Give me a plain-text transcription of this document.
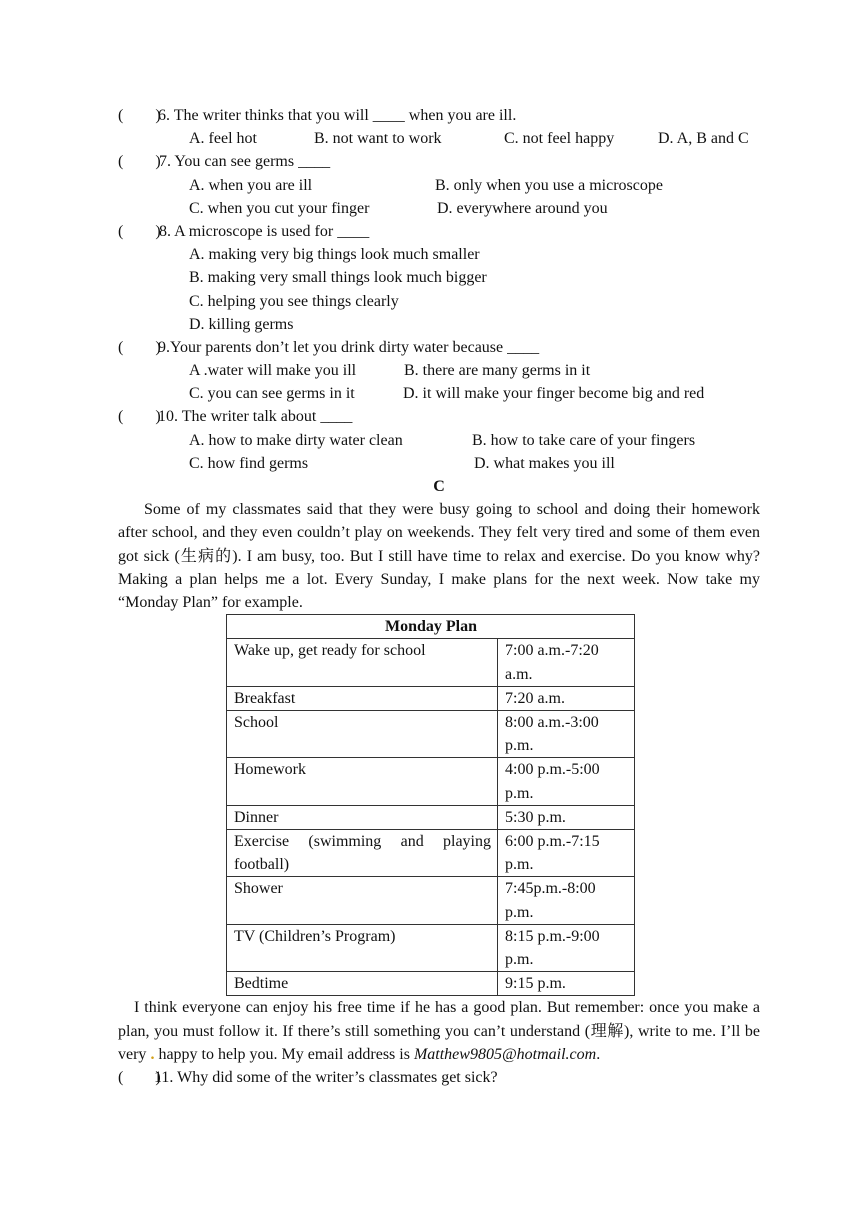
(　　)
6. The writer thinks that you will ____ when you are ill.
A. feel hot	B. not want to work	C. not feel happy	D. A, B and C
(　　)
7. You can see germs ____
A. when you are ill	B. only when you use a microscope
C. when you cut your finger	D. everywhere around you
(　　)
8. A microscope is used for ____
A. making very big things look much smaller
B. making very small things look much bigger
C. helping you see things clearly
D. killing germs
(　　)
9.Your parents don’t let you drink dirty water because ____
A .water will make you ill	B. there are many germs in it
C. you can see germs in it	D. it will make your finger become big and red
(　　)
10. The writer talk about ____
A. how to make dirty water clean	B. how to take care of your fingers
C. how find germs	D. what makes you ill
C

Some of my classmates said that they were busy going to school and doing their homework after school, and they even couldn’t play on weekends. They felt very tired and some of them even got sick (生病的). I am busy, too. But I still have time to relax and exercise. Do you know why? Making a plan helps me a lot. Every Sunday, I make plans for the next week. Now take my “Monday Plan” for example.

Monday Plan	
Wake up, get ready for school	7:00 a.m.-7:20 a.m.
Breakfast	7:20 a.m.
School	8:00 a.m.-3:00 p.m.
Homework	4:00 p.m.-5:00 p.m.
Dinner	5:30 p.m.
Exercise (swimming and playing football)	6:00 p.m.-7:15 p.m.
Shower	7:45p.m.-8:00 p.m.
TV (Children’s Program)	8:15 p.m.-9:00 p.m.
Bedtime	9:15 p.m.

I think everyone can enjoy his free time if he has a good plan. But remember: once you make a plan, you must follow it. If there’s still something you can’t understand (理解), write to me. I’ll be very . happy to help you. My email address is Matthew9805@hotmail.com.

(　　)
11. Why did some of the writer’s classmates get sick?
